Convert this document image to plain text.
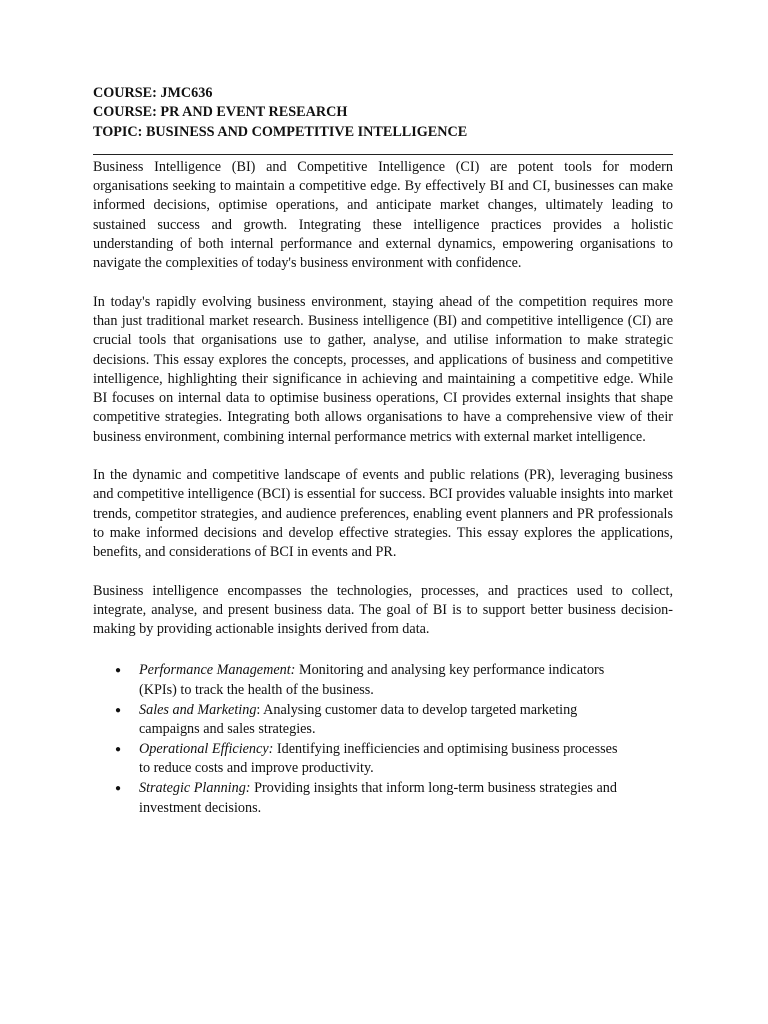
COURSE: JMC636

COURSE: PR AND EVENT RESEARCH

TOPIC: BUSINESS AND COMPETITIVE INTELLIGENCE

Business Intelligence (BI) and Competitive Intelligence (CI) are potent tools for modern organisations seeking to maintain a competitive edge. By effectively BI and CI, businesses can make informed decisions, optimise operations, and anticipate market changes, ultimately leading to sustained success and growth. Integrating these intelligence practices provides a holistic understanding of both internal performance and external dynamics, empowering organisations to navigate the complexities of today's business environment with confidence.

In today's rapidly evolving business environment, staying ahead of the competition requires more than just traditional market research. Business intelligence (BI) and competitive intelligence (CI) are crucial tools that organisations use to gather, analyse, and utilise information to make strategic decisions. This essay explores the concepts, processes, and applications of business and competitive intelligence, highlighting their significance in achieving and maintaining a competitive edge. While BI focuses on internal data to optimise business operations, CI provides external insights that shape competitive strategies. Integrating both allows organisations to have a comprehensive view of their business environment, combining internal performance metrics with external market intelligence.

In the dynamic and competitive landscape of events and public relations (PR), leveraging business and competitive intelligence (BCI) is essential for success. BCI provides valuable insights into market trends, competitor strategies, and audience preferences, enabling event planners and PR professionals to make informed decisions and develop effective strategies. This essay explores the applications, benefits, and considerations of BCI in events and PR.

Business intelligence encompasses the technologies, processes, and practices used to collect, integrate, analyse, and present business data. The goal of BI is to support better business decision-making by providing actionable insights derived from data.

● Performance Management: Monitoring and analysing key performance indicators (KPIs) to track the health of the business.
● Sales and Marketing: Analysing customer data to develop targeted marketing campaigns and sales strategies.
● Operational Efficiency: Identifying inefficiencies and optimising business processes to reduce costs and improve productivity.
● Strategic Planning: Providing insights that inform long-term business strategies and investment decisions.
